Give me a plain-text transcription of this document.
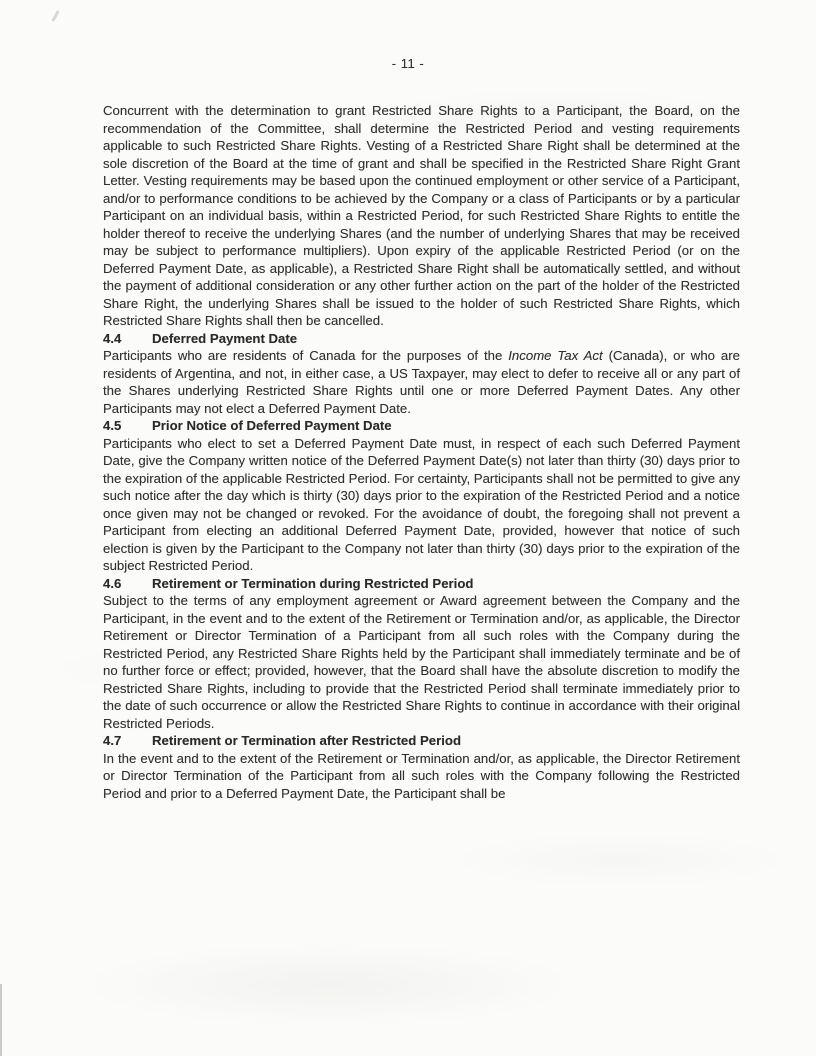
- 11 -

Concurrent with the determination to grant Restricted Share Rights to a Participant, the Board, on the recommendation of the Committee, shall determine the Restricted Period and vesting requirements applicable to such Restricted Share Rights. Vesting of a Restricted Share Right shall be determined at the sole discretion of the Board at the time of grant and shall be specified in the Restricted Share Right Grant Letter. Vesting requirements may be based upon the continued employment or other service of a Participant, and/or to performance conditions to be achieved by the Company or a class of Participants or by a particular Participant on an individual basis, within a Restricted Period, for such Restricted Share Rights to entitle the holder thereof to receive the underlying Shares (and the number of underlying Shares that may be received may be subject to performance multipliers). Upon expiry of the applicable Restricted Period (or on the Deferred Payment Date, as applicable), a Restricted Share Right shall be automatically settled, and without the payment of additional consideration or any other further action on the part of the holder of the Restricted Share Right, the underlying Shares shall be issued to the holder of such Restricted Share Rights, which Restricted Share Rights shall then be cancelled.

4.4 Deferred Payment Date

Participants who are residents of Canada for the purposes of the Income Tax Act (Canada), or who are residents of Argentina, and not, in either case, a US Taxpayer, may elect to defer to receive all or any part of the Shares underlying Restricted Share Rights until one or more Deferred Payment Dates. Any other Participants may not elect a Deferred Payment Date.

4.5 Prior Notice of Deferred Payment Date

Participants who elect to set a Deferred Payment Date must, in respect of each such Deferred Payment Date, give the Company written notice of the Deferred Payment Date(s) not later than thirty (30) days prior to the expiration of the applicable Restricted Period. For certainty, Participants shall not be permitted to give any such notice after the day which is thirty (30) days prior to the expiration of the Restricted Period and a notice once given may not be changed or revoked. For the avoidance of doubt, the foregoing shall not prevent a Participant from electing an additional Deferred Payment Date, provided, however that notice of such election is given by the Participant to the Company not later than thirty (30) days prior to the expiration of the subject Restricted Period.

4.6 Retirement or Termination during Restricted Period

Subject to the terms of any employment agreement or Award agreement between the Company and the Participant, in the event and to the extent of the Retirement or Termination and/or, as applicable, the Director Retirement or Director Termination of a Participant from all such roles with the Company during the Restricted Period, any Restricted Share Rights held by the Participant shall immediately terminate and be of no further force or effect; provided, however, that the Board shall have the absolute discretion to modify the Restricted Share Rights, including to provide that the Restricted Period shall terminate immediately prior to the date of such occurrence or allow the Restricted Share Rights to continue in accordance with their original Restricted Periods.

4.7 Retirement or Termination after Restricted Period

In the event and to the extent of the Retirement or Termination and/or, as applicable, the Director Retirement or Director Termination of the Participant from all such roles with the Company following the Restricted Period and prior to a Deferred Payment Date, the Participant shall be
